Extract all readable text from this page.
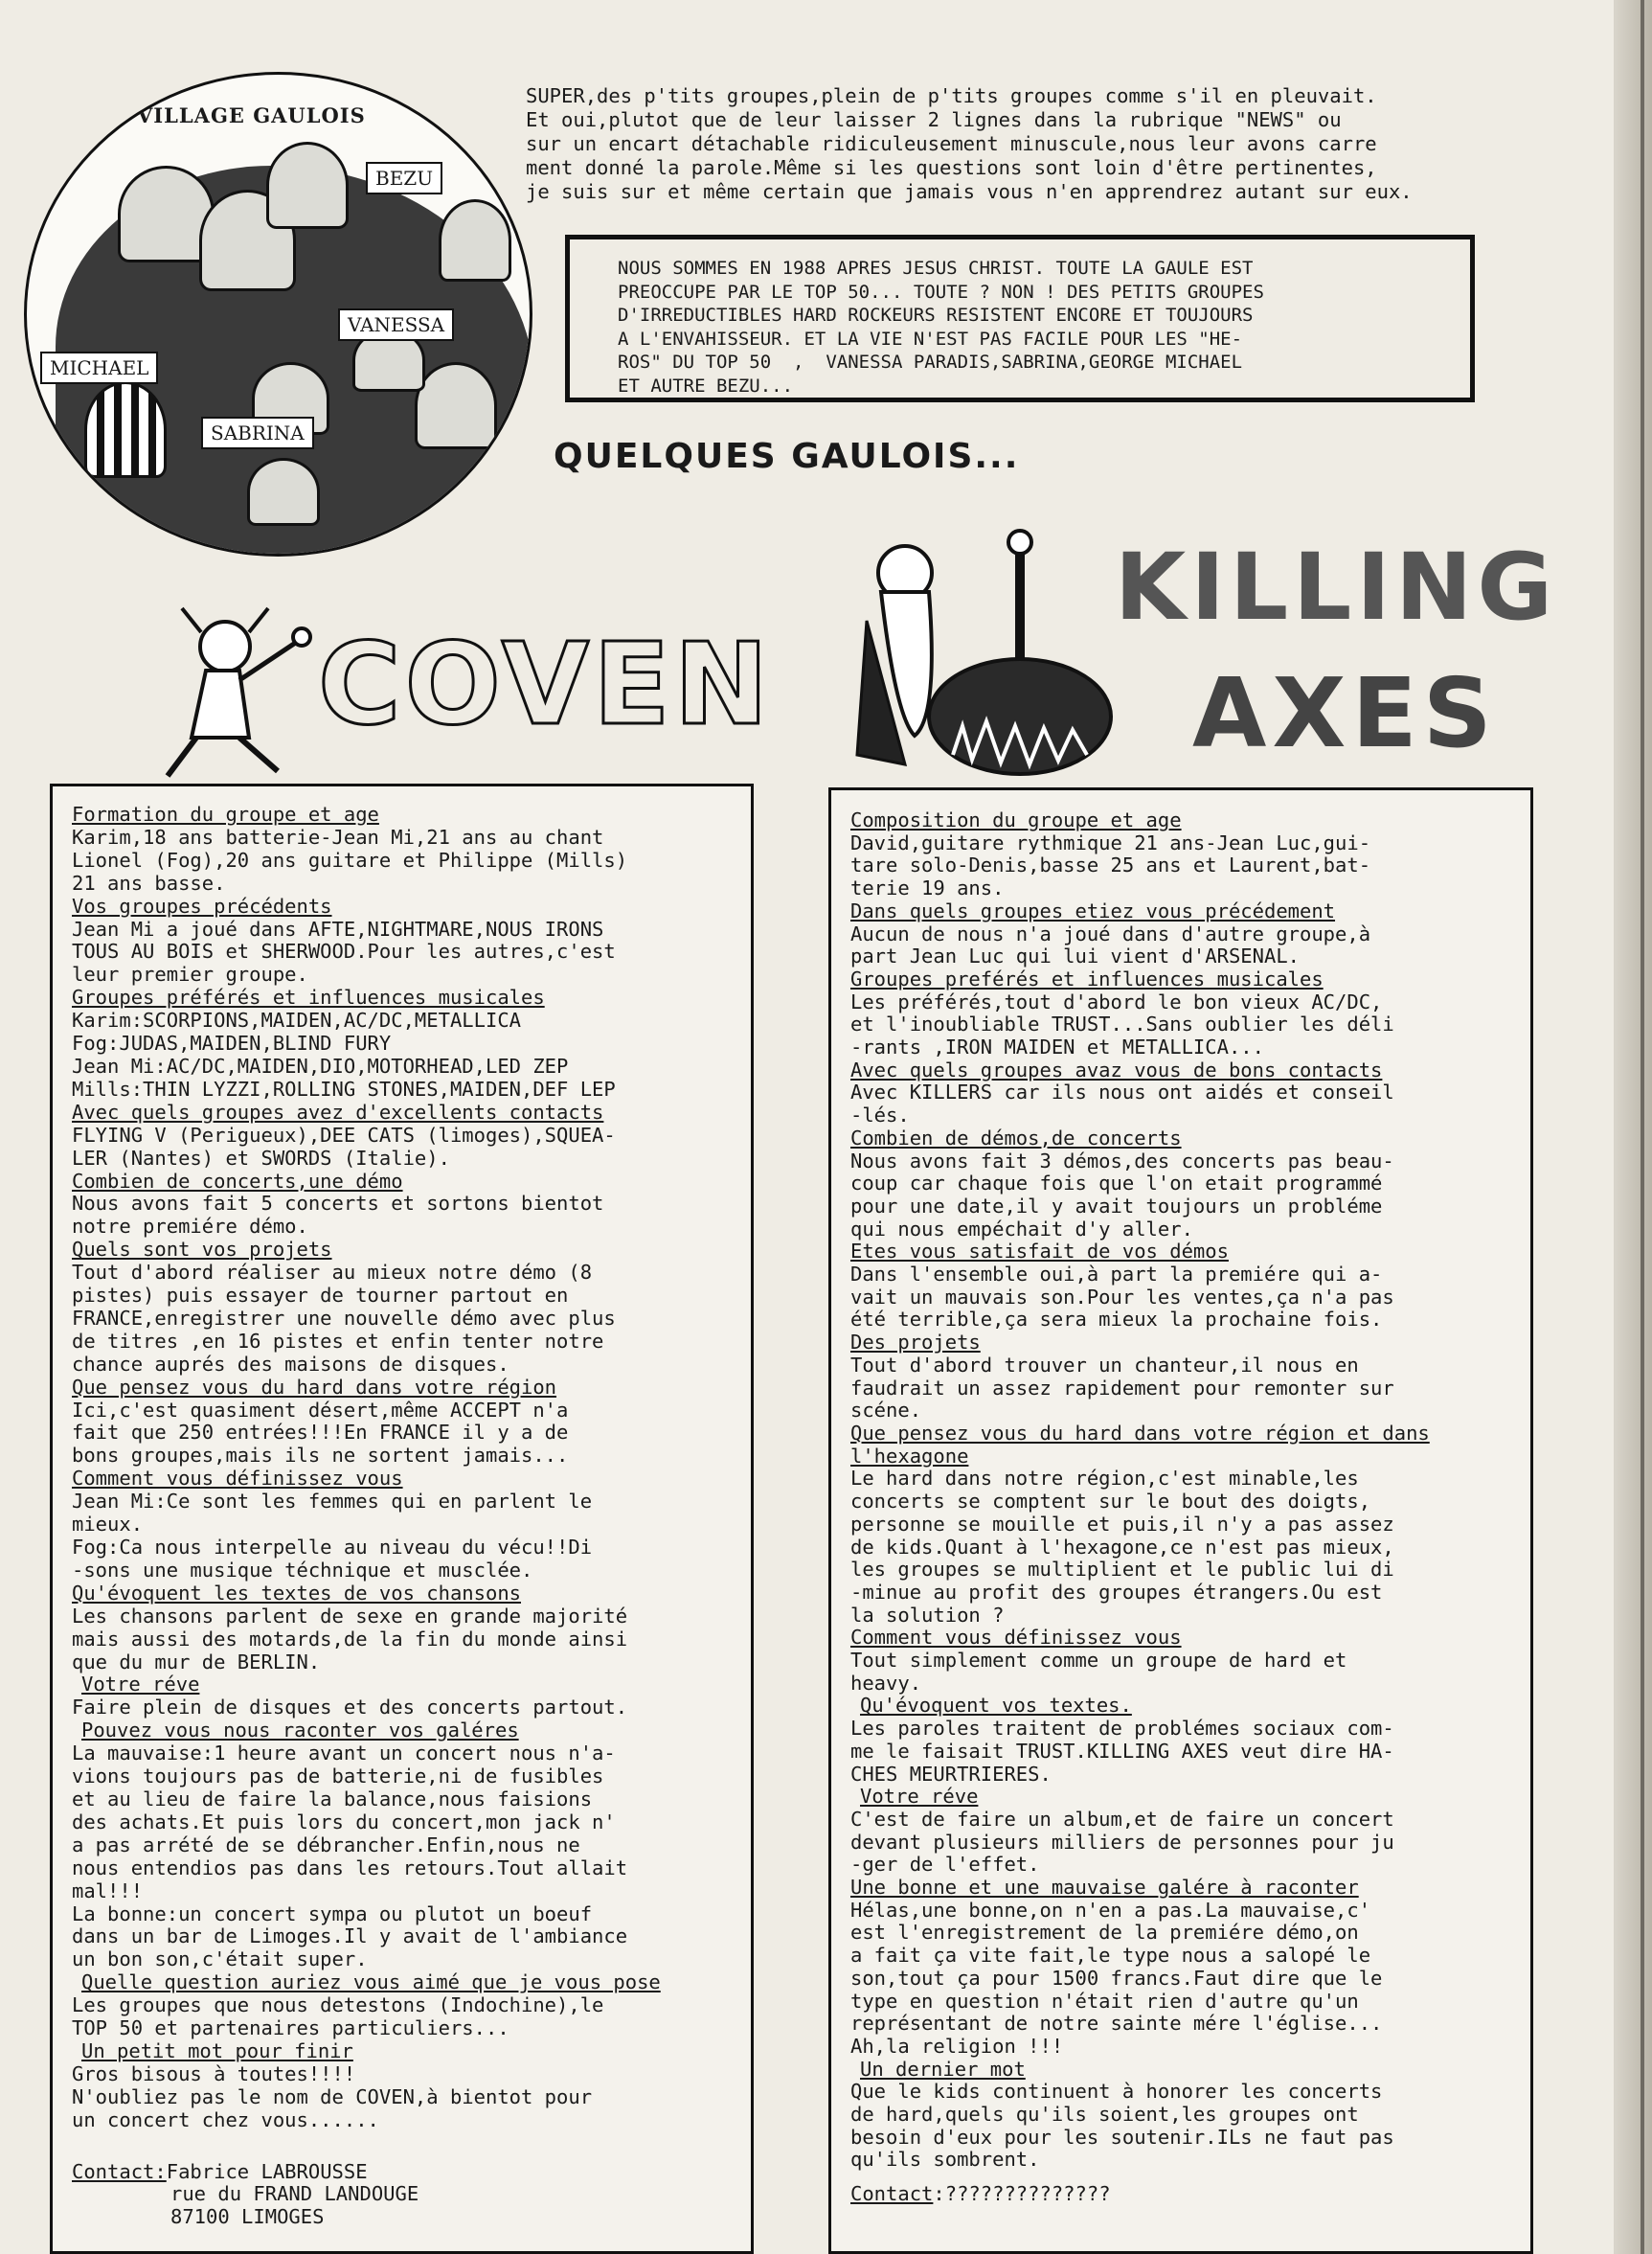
VILLAGE GAULOIS
BEZU
VANESSA
MICHAEL
SABRINA
SUPER,des p'tits groupes,plein de p'tits groupes comme s'il en pleuvait.
Et oui,plutot que de leur laisser 2 lignes dans la rubrique "NEWS" ou
sur un encart détachable ridiculeusement minuscule,nous leur avons carre
ment donné la parole.Même si les questions sont loin d'être pertinentes,
je suis sur et même certain que jamais vous n'en apprendrez autant sur eux.
NOUS SOMMES EN 1988 APRES JESUS CHRIST. TOUTE LA GAULE EST
PREOCCUPE PAR LE TOP 50... TOUTE ? NON ! DES PETITS GROUPES
D'IRREDUCTIBLES HARD ROCKEURS RESISTENT ENCORE ET TOUJOURS
A L'ENVAHISSEUR. ET LA VIE N'EST PAS FACILE POUR LES "HE-
ROS" DU TOP 50  ,  VANESSA PARADIS,SABRINA,GEORGE MICHAEL
ET AUTRE BEZU...
QUELQUES GAULOIS...
COVEN
KILLING
AXES
Formation du groupe et age
Karim,18 ans batterie-Jean Mi,21 ans au chant
Lionel (Fog),20 ans guitare et Philippe (Mills)
21 ans basse.
Vos groupes précédents
Jean Mi a joué dans AFTE,NIGHTMARE,NOUS IRONS
TOUS AU BOIS et SHERWOOD.Pour les autres,c'est
leur premier groupe.
Groupes préférés et influences musicales
Karim:SCORPIONS,MAIDEN,AC/DC,METALLICA
Fog:JUDAS,MAIDEN,BLIND FURY
Jean Mi:AC/DC,MAIDEN,DIO,MOTORHEAD,LED ZEP
Mills:THIN LYZZI,ROLLING STONES,MAIDEN,DEF LEP
Avec quels groupes avez d'excellents contacts
FLYING V (Perigueux),DEE CATS (limoges),SQUEA-
LER (Nantes) et SWORDS (Italie).
Combien de concerts,une démo
Nous avons fait 5 concerts et sortons bientot
notre premiére démo.
Quels sont vos projets
Tout d'abord réaliser au mieux notre démo (8
pistes) puis essayer de tourner partout en
FRANCE,enregistrer une nouvelle démo avec plus
de titres ,en 16 pistes et enfin tenter notre
chance auprés des maisons de disques.
Que pensez vous du hard dans votre région
Ici,c'est quasiment désert,même ACCEPT n'a
fait que 250 entrées!!!En FRANCE il y a de
bons groupes,mais ils ne sortent jamais...
Comment vous définissez vous
Jean Mi:Ce sont les femmes qui en parlent le
mieux.
Fog:Ca nous interpelle au niveau du vécu!!Di
-sons une musique téchnique et musclée.
Qu'évoquent les textes de vos chansons
Les chansons parlent de sexe en grande majorité
mais aussi des motards,de la fin du monde ainsi
que du mur de BERLIN.
Votre réve
Faire plein de disques et des concerts partout.
Pouvez vous nous raconter vos galéres
La mauvaise:1 heure avant un concert nous n'a-
vions toujours pas de batterie,ni de fusibles
et au lieu de faire la balance,nous faisions
des achats.Et puis lors du concert,mon jack n'
a pas arrété de se débrancher.Enfin,nous ne
nous entendios pas dans les retours.Tout allait
mal!!!
La bonne:un concert sympa ou plutot un boeuf
dans un bar de Limoges.Il y avait de l'ambiance
un bon son,c'était super.
Quelle question auriez vous aimé que je vous pose
Les groupes que nous detestons (Indochine),le
TOP 50 et partenaires particuliers...
Un petit mot pour finir
Gros bisous à toutes!!!!
N'oubliez pas le nom de COVEN,à bientot pour
un concert chez vous......
Contact:Fabrice LABROUSSE
rue du FRAND LANDOUGE
87100 LIMOGES
Composition du groupe et age
David,guitare rythmique 21 ans-Jean Luc,gui-
tare solo-Denis,basse 25 ans et Laurent,bat-
terie 19 ans.
Dans quels groupes etiez vous précédement
Aucun de nous n'a joué dans d'autre groupe,à
part Jean Luc qui lui vient d'ARSENAL.
Groupes preférés et influences musicales
Les préférés,tout d'abord le bon vieux AC/DC,
et l'inoubliable TRUST...Sans oublier les déli
-rants ,IRON MAIDEN et METALLICA...
Avec quels groupes avaz vous de bons contacts
Avec KILLERS car ils nous ont aidés et conseil
-lés.
Combien de démos,de concerts
Nous avons fait 3 démos,des concerts pas beau-
coup car chaque fois que l'on etait programmé
pour une date,il y avait toujours un probléme
qui nous empéchait d'y aller.
Etes vous satisfait de vos démos
Dans l'ensemble oui,à part la premiére qui a-
vait un mauvais son.Pour les ventes,ça n'a pas
été terrible,ça sera mieux la prochaine fois.
Des projets
Tout d'abord trouver un chanteur,il nous en
faudrait un assez rapidement pour remonter sur
scéne.
Que pensez vous du hard dans votre région et dans l'hexagone
Le hard dans notre région,c'est minable,les
concerts se comptent sur le bout des doigts,
personne se mouille et puis,il n'y a pas assez
de kids.Quant à l'hexagone,ce n'est pas mieux,
les groupes se multiplient et le public lui di
-minue au profit des groupes étrangers.Ou est
la solution ?
Comment vous définissez vous
Tout simplement comme un groupe de hard et
heavy.
Qu'évoquent vos textes.
Les paroles traitent de problémes sociaux com-
me le faisait TRUST.KILLING AXES veut dire HA-
CHES MEURTRIERES.
Votre réve
C'est de faire un album,et de faire un concert
devant plusieurs milliers de personnes pour ju
-ger de l'effet.
Une bonne et une mauvaise galére à raconter
Hélas,une bonne,on n'en a pas.La mauvaise,c'
est l'enregistrement de la premiére démo,on
a fait ça vite fait,le type nous a salopé le
son,tout ça pour 1500 francs.Faut dire que le
type en question n'était rien d'autre qu'un
représentant de notre sainte mére l'église...
Ah,la religion !!!
Un dernier mot
Que le kids continuent à honorer les concerts
de hard,quels qu'ils soient,les groupes ont
besoin d'eux pour les soutenir.ILs ne faut pas
qu'ils sombrent.
Contact:??????????????
